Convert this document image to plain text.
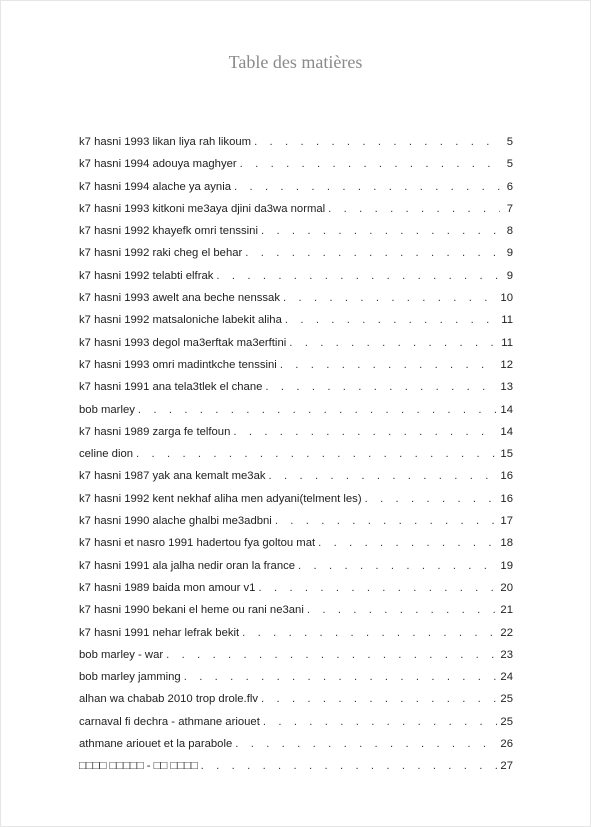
Table des matières
k7 hasni 1993 likan liya rah likoum . . .	5
k7 hasni 1994 adouya maghyer . . .	5
k7 hasni 1994 alache ya aynia . . .	6
k7 hasni 1993 kitkoni me3aya djini da3wa normal . . .	7
k7 hasni 1992 khayefk omri tenssini . . .	8
k7 hasni 1992 raki cheg el behar . . .	9
k7 hasni 1992 telabti elfrak . . .	9
k7 hasni 1993 awelt ana beche nenssak . . .	10
k7 hasni 1992 matsaloniche labekit aliha . . .	11
k7 hasni 1993 degol ma3erftak ma3erftini . . .	11
k7 hasni 1993 omri madintkche tenssini . . .	12
k7 hasni 1991 ana tela3tlek el chane . . .	13
bob marley . . .	14
k7 hasni 1989 zarga fe telfoun . . .	14
celine dion . . .	15
k7 hasni 1987 yak ana kemalt me3ak . . .	16
k7 hasni 1992 kent nekhaf aliha men adyani(telment les) . . .	16
k7 hasni 1990 alache ghalbi me3adbni . . .	17
k7 hasni et nasro 1991 hadertou fya goltou mat . . .	18
k7 hasni 1991 ala jalha nedir oran la france . . .	19
k7 hasni 1989 baida mon amour v1 . . .	20
k7 hasni 1990 bekani el heme ou rani ne3ani . . .	21
k7 hasni 1991 nehar lefrak bekit . . .	22
bob marley - war . . .	23
bob marley jamming . . .	24
alhan wa chabab 2010 trop drole.flv . . .	25
carnaval fi dechra - athmane ariouet . . .	25
athmane ariouet et la parabole . . .	26
□□□□ □□□□□ - □□ □□□□ . . .	27
